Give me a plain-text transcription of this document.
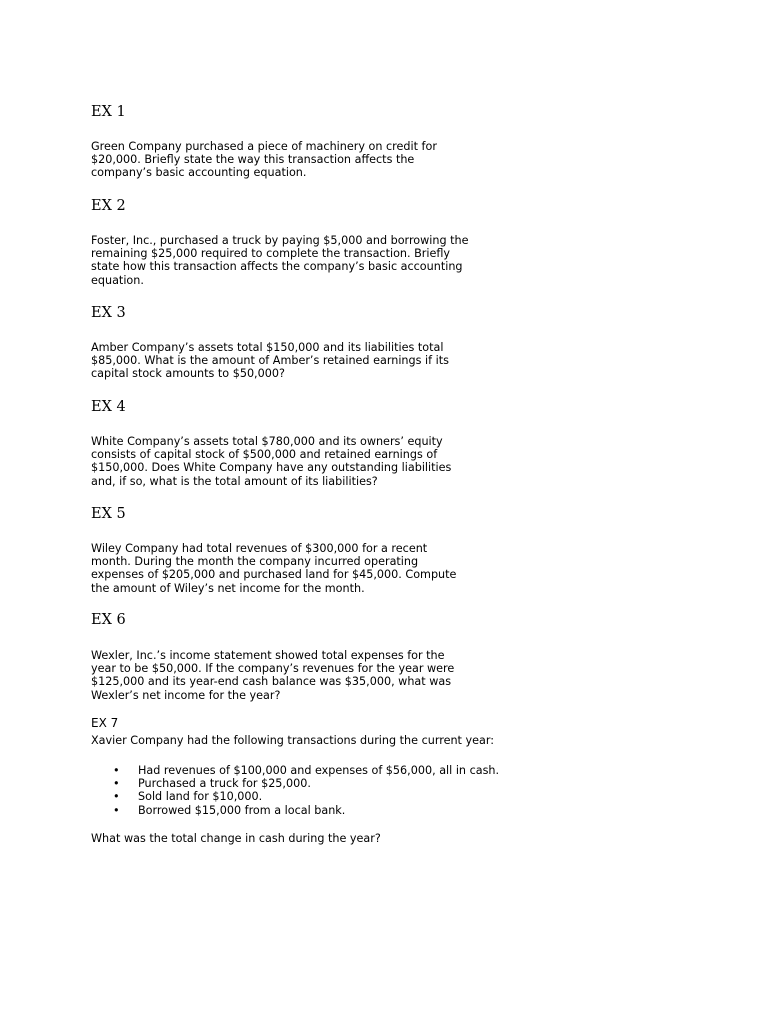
EX 1

Green Company purchased a piece of machinery on credit for
$20,000. Briefly state the way this transaction affects the
company’s basic accounting equation.

EX 2

Foster, Inc., purchased a truck by paying $5,000 and borrowing the
remaining $25,000 required to complete the transaction. Briefly
state how this transaction affects the company’s basic accounting
equation.

EX 3

Amber Company’s assets total $150,000 and its liabilities total
$85,000. What is the amount of Amber’s retained earnings if its
capital stock amounts to $50,000?

EX 4

White Company’s assets total $780,000 and its owners’ equity
consists of capital stock of $500,000 and retained earnings of
$150,000. Does White Company have any outstanding liabilities
and, if so, what is the total amount of its liabilities?

EX 5

Wiley Company had total revenues of $300,000 for a recent
month. During the month the company incurred operating
expenses of $205,000 and purchased land for $45,000. Compute
the amount of Wiley’s net income for the month.

EX 6

Wexler, Inc.’s income statement showed total expenses for the
year to be $50,000. If the company’s revenues for the year were
$125,000 and its year-end cash balance was $35,000, what was
Wexler’s net income for the year?

EX 7

Xavier Company had the following transactions during the current year:

• Had revenues of $100,000 and expenses of $56,000, all in cash.
• Purchased a truck for $25,000.
• Sold land for $10,000.
• Borrowed $15,000 from a local bank.

What was the total change in cash during the year?
